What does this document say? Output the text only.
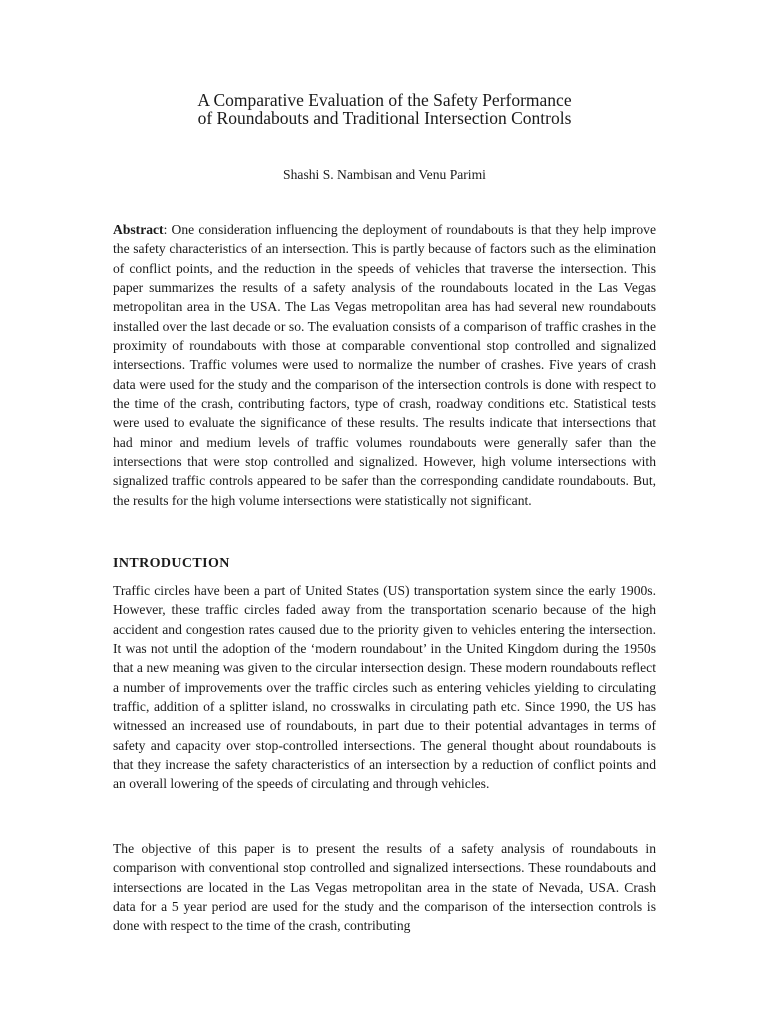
A Comparative Evaluation of the Safety Performance
of Roundabouts and Traditional Intersection Controls
Shashi S. Nambisan and Venu Parimi

Abstract: One consideration influencing the deployment of roundabouts is that they help improve the safety characteristics of an intersection. This is partly because of factors such as the elimination of conflict points, and the reduction in the speeds of vehicles that traverse the intersection. This paper summarizes the results of a safety analysis of the roundabouts located in the Las Vegas metropolitan area in the USA. The Las Vegas metropolitan area has had several new roundabouts installed over the last decade or so. The evaluation consists of a comparison of traffic crashes in the proximity of roundabouts with those at comparable conventional stop controlled and signalized intersections. Traffic volumes were used to normalize the number of crashes. Five years of crash data were used for the study and the comparison of the intersection controls is done with respect to the time of the crash, contributing factors, type of crash, roadway conditions etc. Statistical tests were used to evaluate the significance of these results. The results indicate that intersections that had minor and medium levels of traffic volumes roundabouts were generally safer than the intersections that were stop controlled and signalized. However, high volume intersections with signalized traffic controls appeared to be safer than the corresponding candidate roundabouts. But, the results for the high volume intersections were statistically not significant.

INTRODUCTION

Traffic circles have been a part of United States (US) transportation system since the early 1900s. However, these traffic circles faded away from the transportation scenario because of the high accident and congestion rates caused due to the priority given to vehicles entering the intersection. It was not until the adoption of the ‘modern roundabout’ in the United Kingdom during the 1950s that a new meaning was given to the circular intersection design. These modern roundabouts reflect a number of improvements over the traffic circles such as entering vehicles yielding to circulating traffic, addition of a splitter island, no crosswalks in circulating path etc. Since 1990, the US has witnessed an increased use of roundabouts, in part due to their potential advantages in terms of safety and capacity over stop-controlled intersections. The general thought about roundabouts is that they increase the safety characteristics of an intersection by a reduction of conflict points and an overall lowering of the speeds of circulating and through vehicles.

The objective of this paper is to present the results of a safety analysis of roundabouts in comparison with conventional stop controlled and signalized intersections. These roundabouts and intersections are located in the Las Vegas metropolitan area in the state of Nevada, USA. Crash data for a 5 year period are used for the study and the comparison of the intersection controls is done with respect to the time of the crash, contributing
